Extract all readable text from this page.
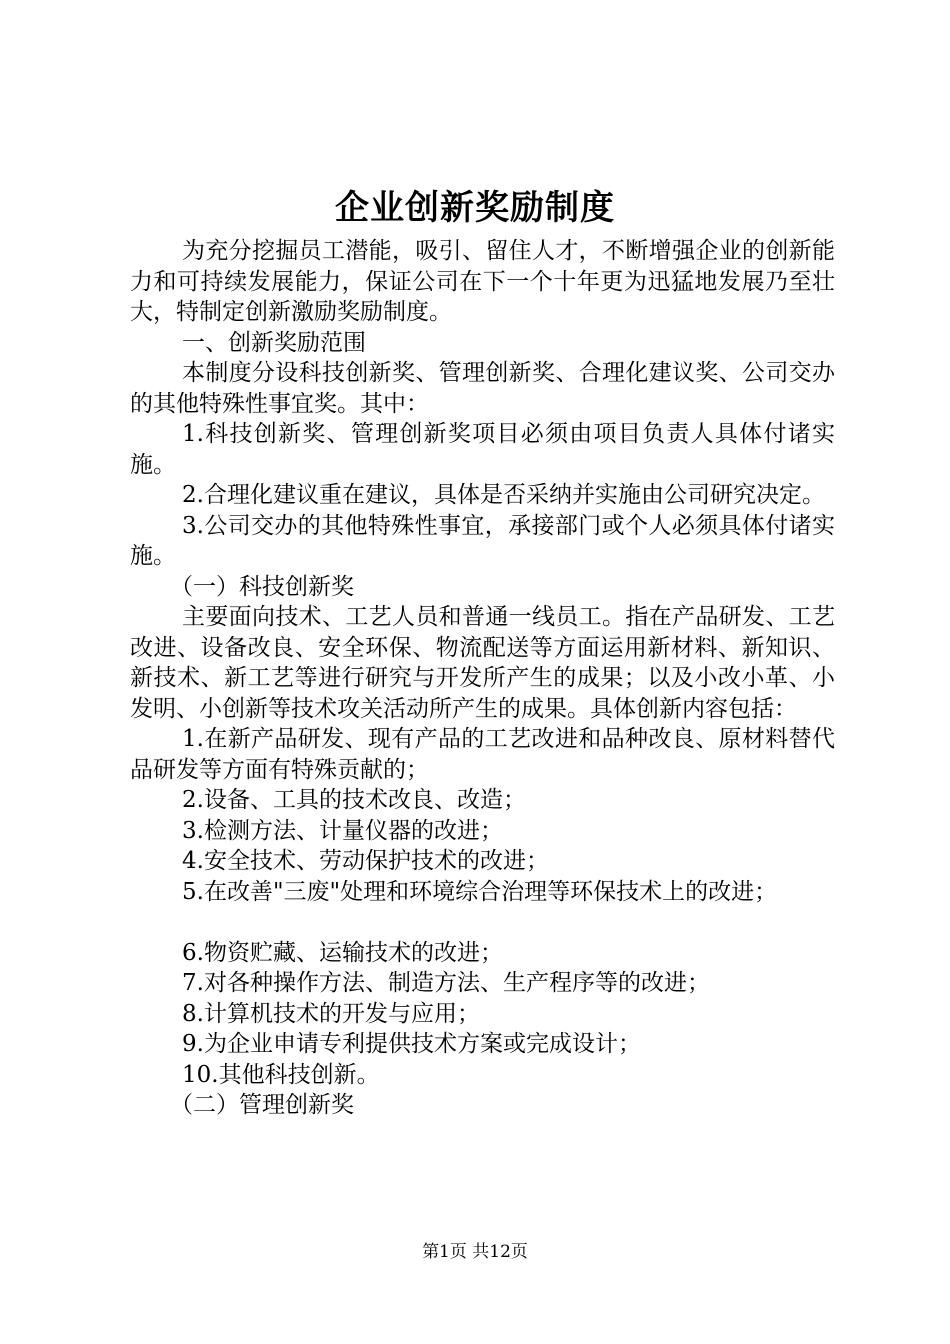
企业创新奖励制度

为充分挖掘员工潜能，吸引、留住人才，不断增强企业的创新能力和可持续发展能力，保证公司在下一个十年更为迅猛地发展乃至壮大，特制定创新激励奖励制度。

一、创新奖励范围

本制度分设科技创新奖、管理创新奖、合理化建议奖、公司交办的其他特殊性事宜奖。其中：

1.科技创新奖、管理创新奖项目必须由项目负责人具体付诸实施。

2.合理化建议重在建议，具体是否采纳并实施由公司研究决定。

3.公司交办的其他特殊性事宜，承接部门或个人必须具体付诸实施。

（一）科技创新奖

主要面向技术、工艺人员和普通一线员工。指在产品研发、工艺改进、设备改良、安全环保、物流配送等方面运用新材料、新知识、新技术、新工艺等进行研究与开发所产生的成果；以及小改小革、小发明、小创新等技术攻关活动所产生的成果。具体创新内容包括：

1.在新产品研发、现有产品的工艺改进和品种改良、原材料替代品研发等方面有特殊贡献的；

2.设备、工具的技术改良、改造；

3.检测方法、计量仪器的改进；

4.安全技术、劳动保护技术的改进；

5.在改善"三废"处理和环境综合治理等环保技术上的改进；

6.物资贮藏、运输技术的改进；

7.对各种操作方法、制造方法、生产程序等的改进；

8.计算机技术的开发与应用；

9.为企业申请专利提供技术方案或完成设计；

10.其他科技创新。

（二）管理创新奖

第1页 共12页
